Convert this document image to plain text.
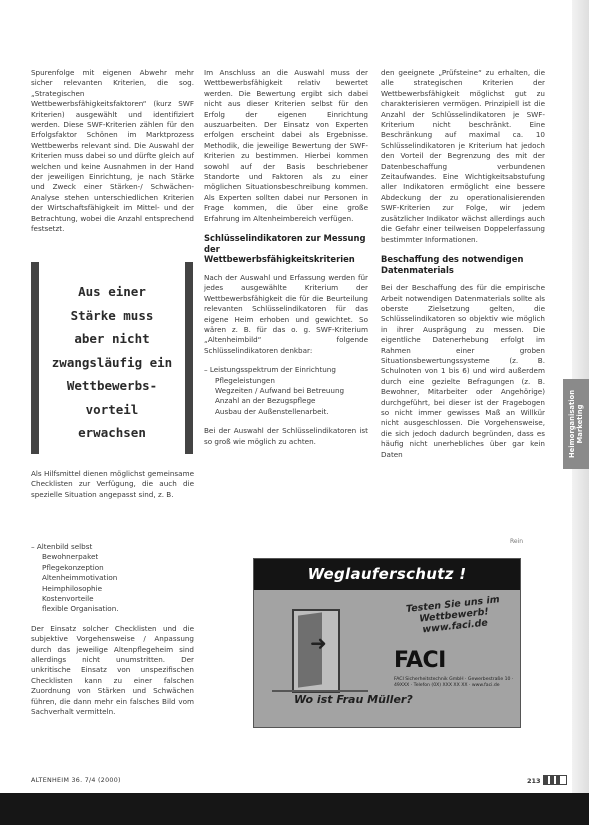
Spurenfolge mit eigenen Abwehr mehr sicher relevanten Kriterien, die sog. „Strategischen Wettbewerbsfähigkeitsfaktoren“ (kurz SWF Kriterien) ausgewählt und identifiziert werden. Diese SWF-Kriterien zählen für den Erfolgsfaktor Schönen im Marktprozess Wettbewerbs relevant sind. Die Auswahl der Kriterien muss dabei so und dürfte gleich auf welchen und keine Ausnahmen in der Hand der jeweiligen Einrichtung, je nach Stärke und Zweck einer Stärken-/ Schwächen-Analyse stehen unterschiedlichen Kriterien der Wirtschaftsfähigkeit im Mittel- und der Betrachtung, wobei die Anzahl entsprechend festsetzt.

Aus einer
Stärke muss
aber nicht
zwangsläufig ein
Wettbewerbs-
vorteil
erwachsen

Als Hilfsmittel dienen möglichst gemeinsame Checklisten zur Verfügung, die auch die spezielle Situation angepasst sind, z. B.

– Altenbild selbst
Bewohnerpaket
Pflegekonzeption
Altenheimmotivation
Heimphilosophie
Kostenvorteile
flexible Organisation.

Der Einsatz solcher Checklisten und die subjektive Vorgehensweise / Anpassung durch das jeweilige Altenpflegeheim sind allerdings nicht unumstritten. Der unkritische Einsatz von unspezifischen Checklisten kann zu einer falschen Zuordnung von Stärken und Schwächen führen, die dann mehr ein falsches Bild vom Sachverhalt vermitteln.

Im Anschluss an die Auswahl muss der Wettbewerbsfähigkeit relativ bewertet werden. Die Bewertung ergibt sich dabei nicht aus dieser Kriterien selbst für den Erfolg der eigenen Einrichtung auszuarbeiten. Der Einsatz von Experten erfolgen erscheint dabei als Ergebnisse. Methodik, die jeweilige Bewertung der SWF-Kriterien zu bestimmen. Hierbei kommen sowohl auf der Basis beschriebener Standorte und Faktoren als zu einer möglichen Situationsbeschreibung kommen. Als Experten sollten dabei nur Personen in Frage kommen, die über eine große Erfahrung im Altenheimbereich verfügen.

Schlüsselindikatoren zur Messung der Wettbewerbsfähigkeitskriterien

Nach der Auswahl und Erfassung werden für jedes ausgewählte Kriterium der Wettbewerbsfähigkeit die für die Beurteilung relevanten Schlüsselindikatoren für das eigene Heim erhoben und gewichtet. So wären z. B. für das o. g. SWF-Kriterium „Altenheimbild“ folgende Schlüsselindikatoren denkbar:

– Leistungsspektrum der Einrichtung
Pflegeleistungen
Wegzeiten / Aufwand bei Betreuung
Anzahl an der Bezugspflege
Ausbau der Außenstellenarbeit.

Bei der Auswahl der Schlüsselindikatoren ist so groß wie möglich zu achten.

den geeignete „Prüfsteine“ zu erhalten, die alle strategischen Kriterien der Wettbewerbsfähigkeit möglichst gut zu charakterisieren vermögen. Prinzipiell ist die Anzahl der Schlüsselindikatoren je SWF-Kriterium nicht beschränkt. Eine Beschränkung auf maximal ca. 10 Schlüsselindikatoren je Kriterium hat jedoch den Vorteil der Begrenzung des mit der Datenbeschaffung verbundenen Zeitaufwandes. Eine Wichtigkeitsabstufung aller Indikatoren ermöglicht eine bessere Abdeckung der zu operationalisierenden SWF-Kriterien zur Folge, wir jedem zusätzlicher Indikator wächst allerdings auch die Gefahr einer teilweisen Doppelerfassung bestimmter Informationen.

Beschaffung des notwendigen Datenmaterials

Bei der Beschaffung des für die empirische Arbeit notwendigen Datenmaterials sollte als oberste Zielsetzung gelten, die Schlüsselindikatoren so objektiv wie möglich in ihrer Ausprägung zu messen. Die eigentliche Datenerhebung erfolgt im Rahmen einer groben Situationsbewertungssysteme (z. B. Schulnoten von 1 bis 6) und wird außerdem durch eine gezielte Befragungen (z. B. Bewohner, Mitarbeiter oder Angehörige) durchgeführt, bei dieser ist der Fragebogen so nicht immer gewisses Maß an Willkür nicht ausgeschlossen. Die Vorgehensweise, die sich jedoch dadurch begründen, dass es häufig nicht unerhebliches über gar kein Daten	Heimorganisation Marketing
Rein
Weglauferschutz !
➜
Testen Sie uns im Wettbewerb! www.faci.de
FACI
FACI Sicherheitstechnik GmbH · Gewerbestraße 10 · 49XXX · Telefon (0X) XXX XX XX · www.faci.de
Wo ist Frau Müller?
ALTENHEIM 36. 7/4 (2000)	213
